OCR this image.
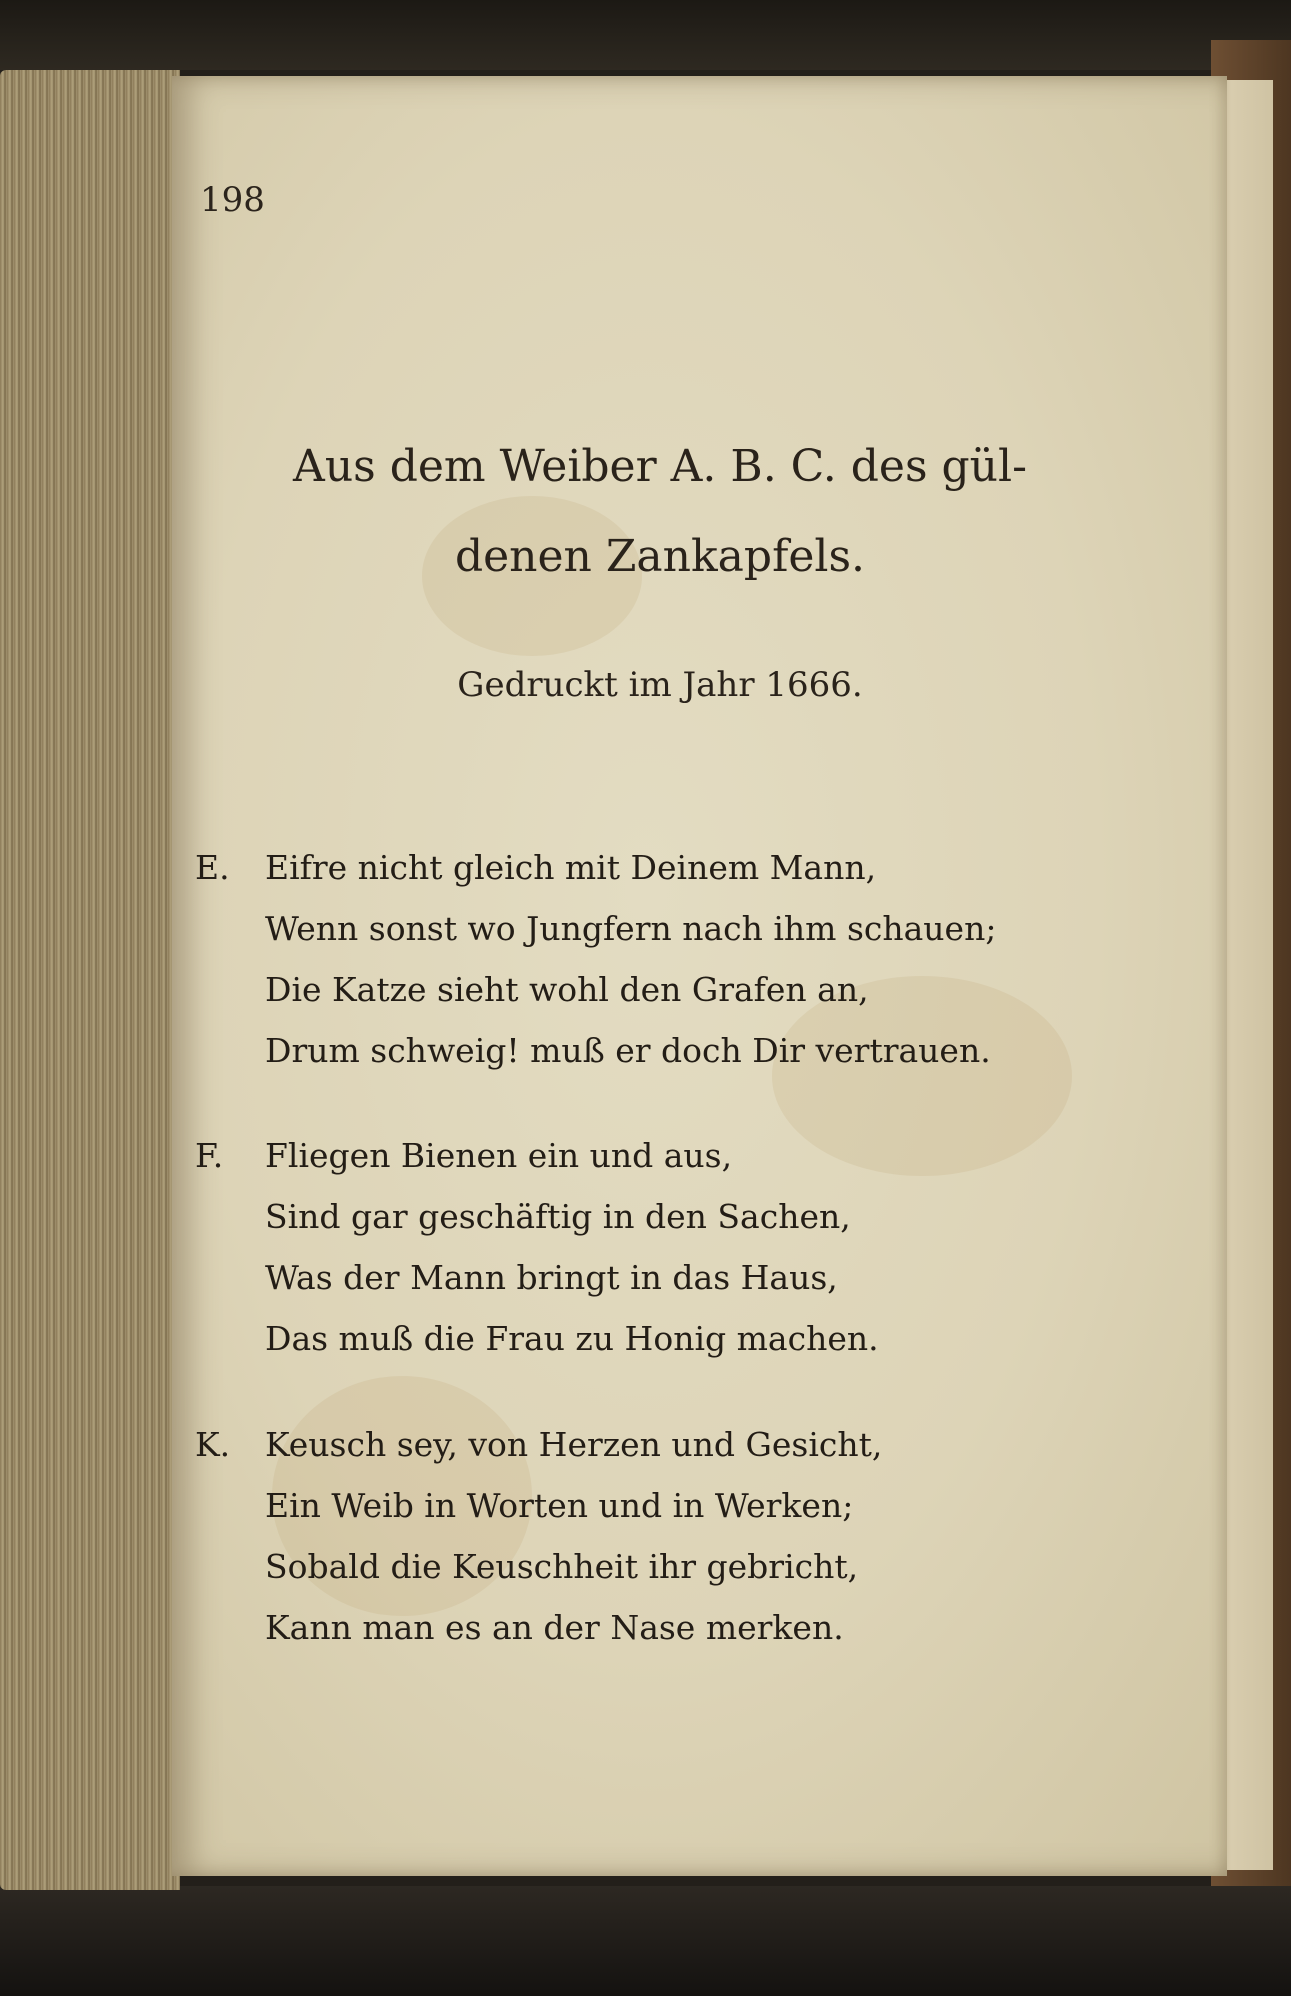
198
Aus dem Weiber A. B. C. des gül-
denen Zankapfels.
Gedruckt im Jahr 1666.
E.	Eifre nicht gleich mit Deinem Mann,
Wenn sonst wo Jungfern nach ihm schauen;
Die Katze sieht wohl den Grafen an,
Drum schweig! muß er doch Dir vertrauen.
F.	Fliegen Bienen ein und aus,
Sind gar geschäftig in den Sachen,
Was der Mann bringt in das Haus,
Das muß die Frau zu Honig machen.
K.	Keusch sey, von Herzen und Gesicht,
Ein Weib in Worten und in Werken;
Sobald die Keuschheit ihr gebricht,
Kann man es an der Nase merken.
